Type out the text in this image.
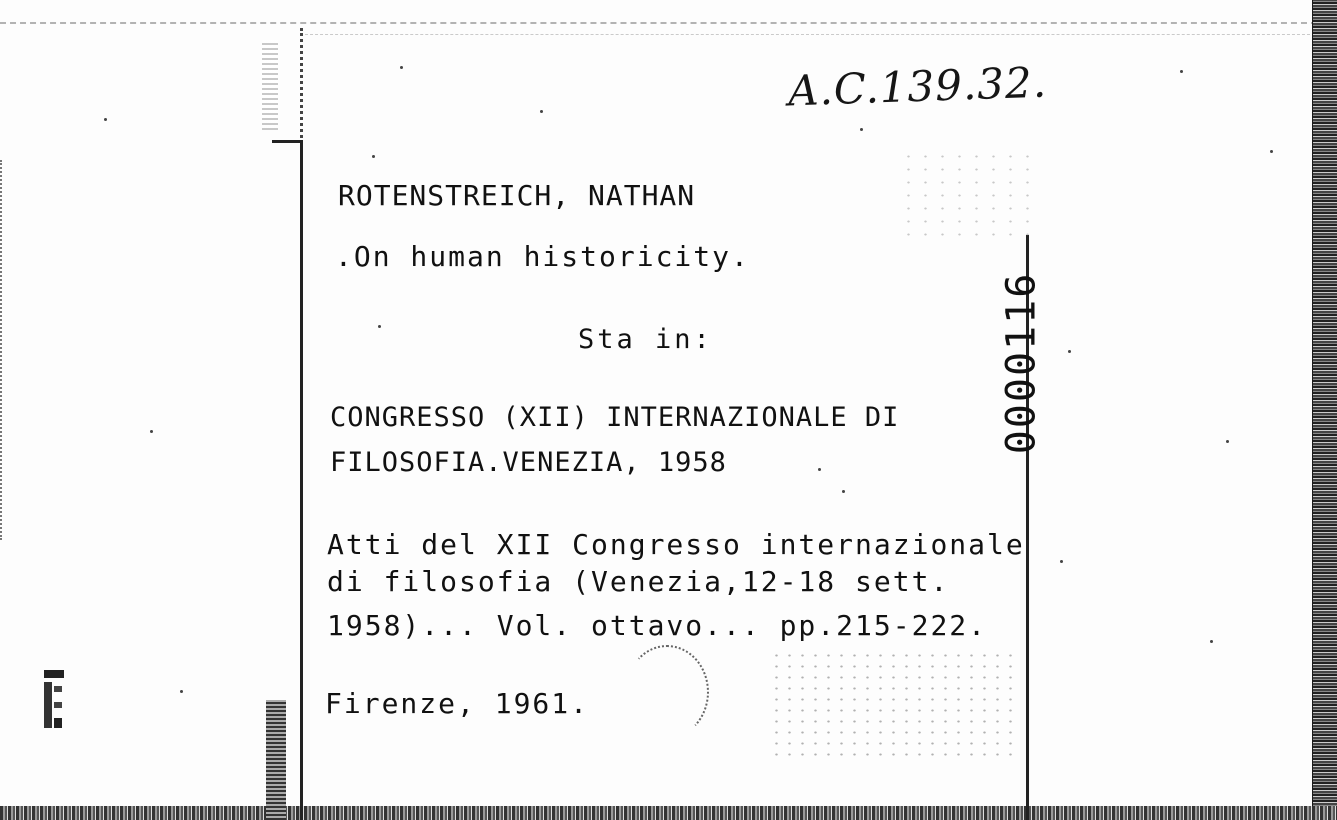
A.C.139.32.
ROTENSTREICH, NATHAN
.On human historicity.
Sta in:
CONGRESSO (XII) INTERNAZIONALE DI
FILOSOFIA.VENEZIA, 1958
Atti del XII Congresso internazionale
di filosofia (Venezia,12-18 sett.
1958)... Vol. ottavo... pp.215-222.
Firenze, 1961.
0000116
